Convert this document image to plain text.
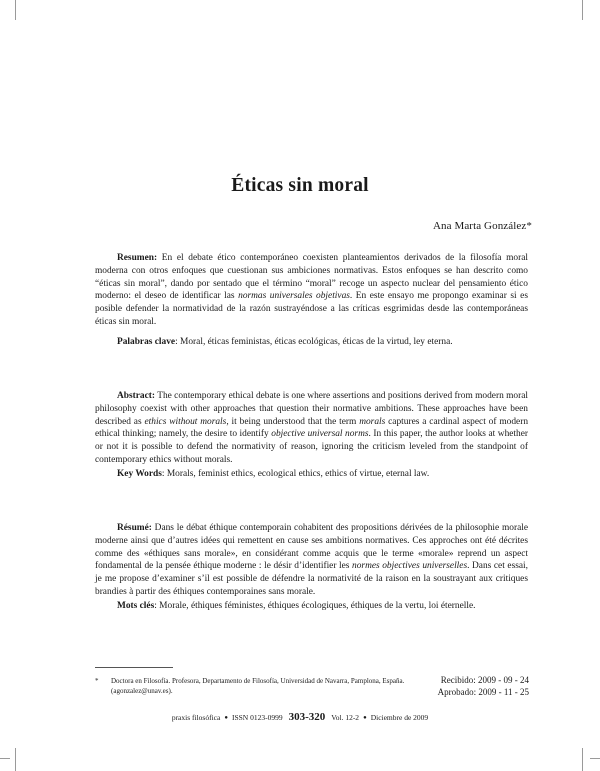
Éticas sin moral
Ana Marta González*

Resumen: En el debate ético contemporáneo coexisten planteamientos derivados de la filosofía moral moderna con otros enfoques que cuestionan sus ambiciones normativas. Estos enfoques se han descrito como “éticas sin moral”, dando por sentado que el término “moral” recoge un aspecto nuclear del pensamiento ético moderno: el deseo de identificar las normas universales objetivas. En este ensayo me propongo examinar si es posible defender la normatividad de la razón sustrayéndose a las críticas esgrimidas desde las contemporáneas éticas sin moral.

Palabras clave: Moral, éticas feministas, éticas ecológicas, éticas de la virtud, ley eterna.

Abstract: The contemporary ethical debate is one where assertions and positions derived from modern moral philosophy coexist with other approaches that question their normative ambitions. These approaches have been described as ethics without morals, it being understood that the term morals captures a cardinal aspect of modern ethical thinking; namely, the desire to identify objective universal norms. In this paper, the author looks at whether or not it is possible to defend the normativity of reason, ignoring the criticism leveled from the standpoint of contemporary ethics without morals.

Key Words: Morals, feminist ethics, ecological ethics, ethics of virtue, eternal law.

Résumé: Dans le débat éthique contemporain cohabitent des propositions dérivées de la philosophie morale moderne ainsi que d’autres idées qui remettent en cause ses ambitions normatives. Ces approches ont été décrites comme des «éthiques sans morale», en considérant comme acquis que le terme «morale» reprend un aspect fondamental de la pensée éthique moderne : le désir d’identifier les normes objectives universelles. Dans cet essai, je me propose d’examiner s’il est possible de défendre la normativité de la raison en la soustrayant aux critiques brandies à partir des éthiques contemporaines sans morale.

Mots clés: Morale, éthiques féministes, éthiques écologiques, éthiques de la vertu, loi éternelle.
* Doctora en Filosofía. Profesora, Departamento de Filosofía, Universidad de Navarra, Pamplona, España. (agonzalez@unav.es).
Recibido: 2009 - 09 - 24
Aprobado: 2009 - 11 - 25
praxis filosófica ● ISSN 0123-0999 303-320 Vol. 12-2 ● Diciembre de 2009
